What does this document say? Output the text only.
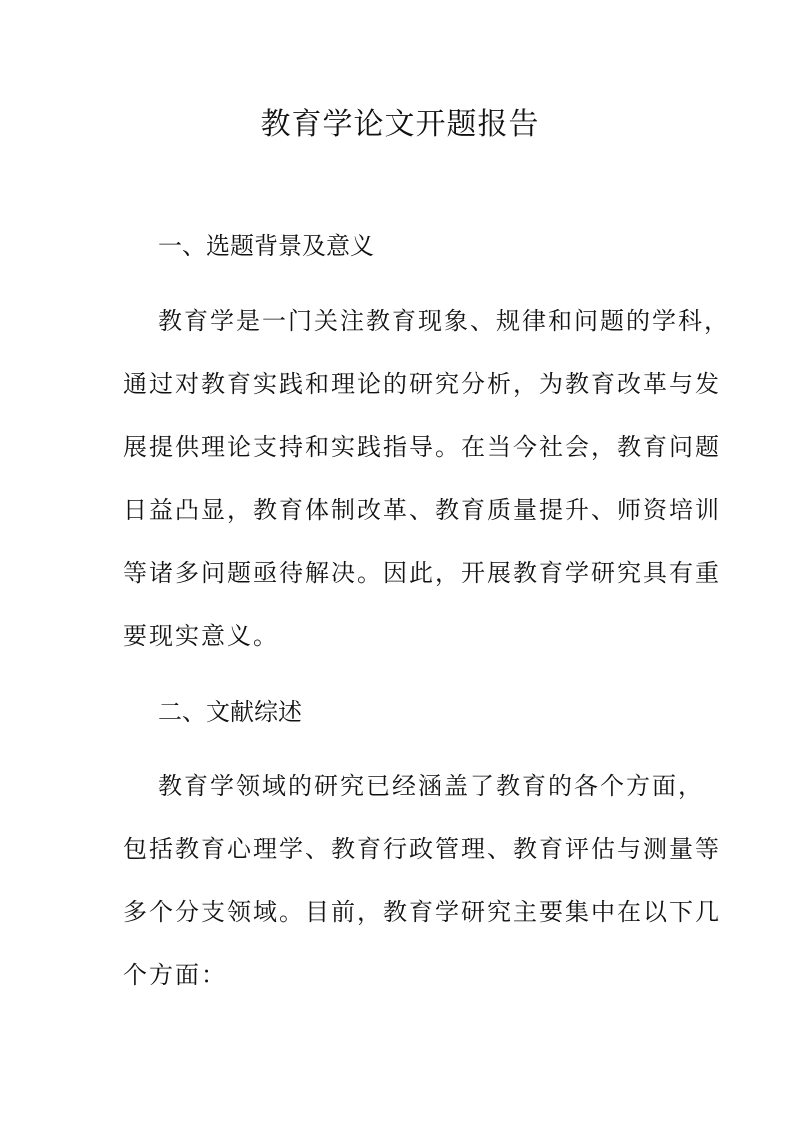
教育学论文开题报告
一、选题背景及意义
教育学是一门关注教育现象、规律和问题的学科，
通过对教育实践和理论的研究分析，为教育改革与发
展提供理论支持和实践指导。在当今社会，教育问题
日益凸显，教育体制改革、教育质量提升、师资培训
等诸多问题亟待解决。因此，开展教育学研究具有重
要现实意义。
二、文献综述
教育学领域的研究已经涵盖了教育的各个方面，
包括教育心理学、教育行政管理、教育评估与测量等
多个分支领域。目前，教育学研究主要集中在以下几
个方面：
